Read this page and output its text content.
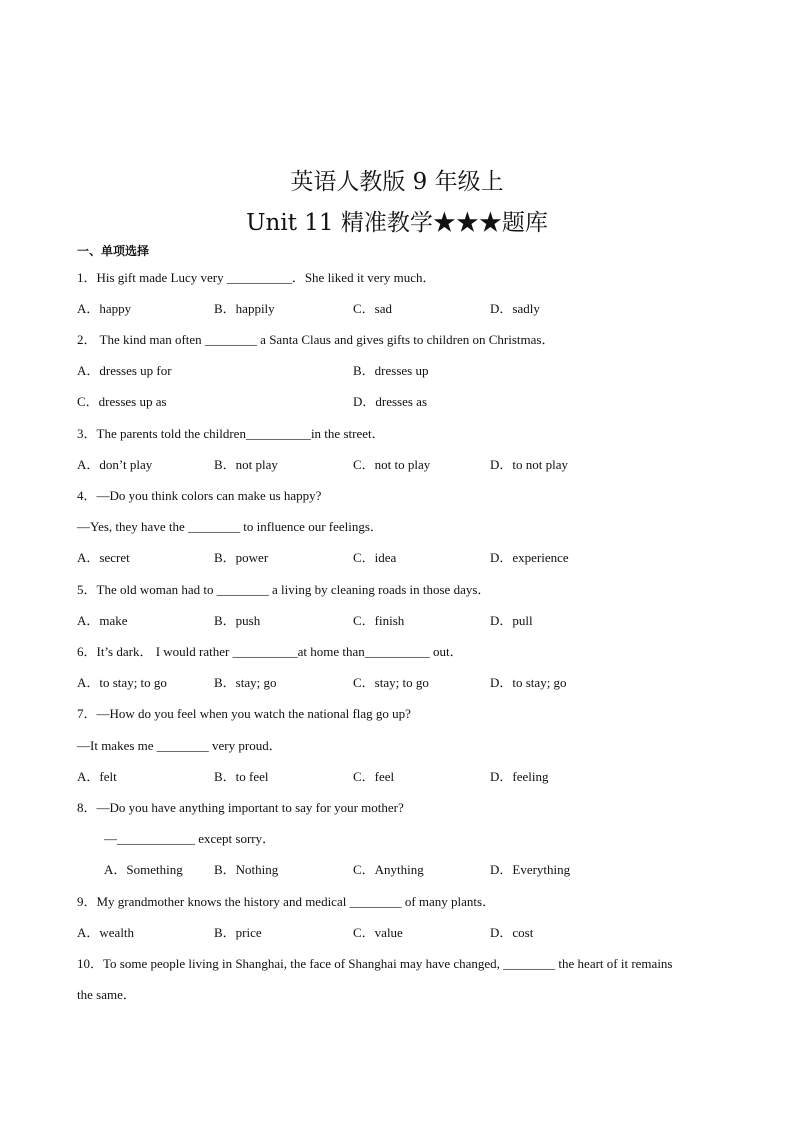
英语人教版 9 年级上
Unit 11 精准教学★★★题库
一、单项选择
1．His gift made Lucy very __________．She liked it very much．
A．happy	B．happily	C．sad	D．sadly
2． The kind man often ________ a Santa Claus and gives gifts to children on Christmas．
A．dresses up for	B．dresses up
C．dresses up as	D．dresses as
3．The parents told the children__________in the street．
A．don’t play	B．not play	C．not to play	D．to not play
4．—Do you think colors can make us happy?
—Yes, they have the ________ to influence our feelings．
A．secret	B．power	C．idea	D．experience
5．The old woman had to ________ a living by cleaning roads in those days．
A．make	B．push	C．finish	D．pull
6．It’s dark． I would rather __________at home than__________ out．
A．to stay; to go	B．stay; go	C．stay; to go	D．to stay; go
7．—How do you feel when you watch the national flag go up?
—It makes me ________ very proud．
A．felt	B．to feel	C．feel	D．feeling
8．—Do you have anything important to say for your mother?
—____________ except sorry．
A．Something B．Nothing	C．Anything	D．Everything
9．My grandmother knows the history and medical ________ of many plants．
A．wealth	B．price	C．value	D．cost
10．To some people living in Shanghai, the face of Shanghai may have changed, ________ the heart of it remains
the same．
